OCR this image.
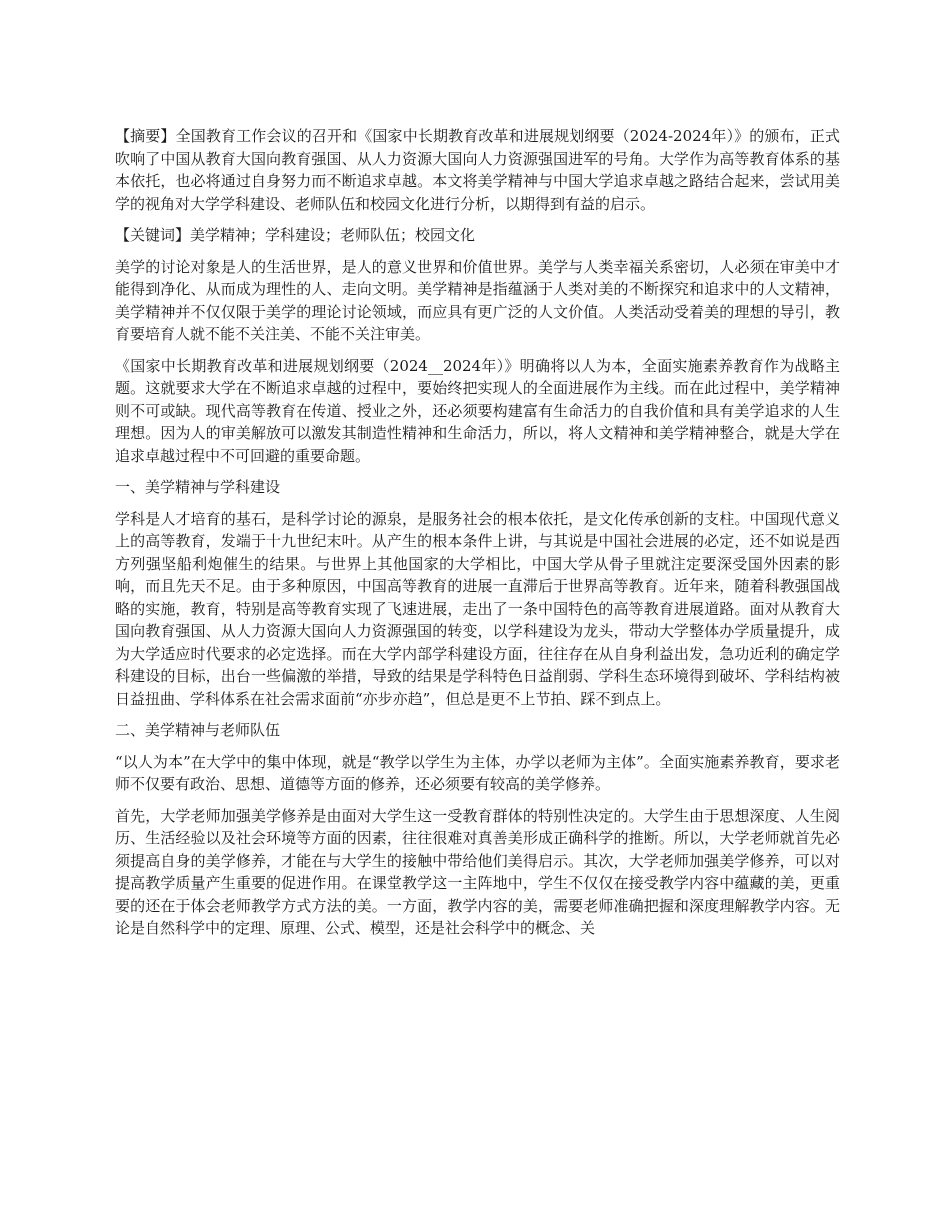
【摘要】全国教育工作会议的召开和《国家中长期教育改革和进展规划纲要（2024-2024年）》的颁布，正式吹响了中国从教育大国向教育强国、从人力资源大国向人力资源强国进军的号角。大学作为高等教育体系的基本依托，也必将通过自身努力而不断追求卓越。本文将美学精神与中国大学追求卓越之路结合起来，尝试用美学的视角对大学学科建设、老师队伍和校园文化进行分析，以期得到有益的启示。

【关键词】美学精神；学科建设；老师队伍；校园文化

美学的讨论对象是人的生活世界，是人的意义世界和价值世界。美学与人类幸福关系密切，人必须在审美中才能得到净化、从而成为理性的人、走向文明。美学精神是指蕴涵于人类对美的不断探究和追求中的人文精神，美学精神并不仅仅限于美学的理论讨论领域，而应具有更广泛的人文价值。人类活动受着美的理想的导引，教育要培育人就不能不关注美、不能不关注审美。

《国家中长期教育改革和进展规划纲要（2024__2024年）》明确将以人为本，全面实施素养教育作为战略主题。这就要求大学在不断追求卓越的过程中，要始终把实现人的全面进展作为主线。而在此过程中，美学精神则不可或缺。现代高等教育在传道、授业之外，还必须要构建富有生命活力的自我价值和具有美学追求的人生理想。因为人的审美解放可以激发其制造性精神和生命活力，所以，将人文精神和美学精神整合，就是大学在追求卓越过程中不可回避的重要命题。

一、美学精神与学科建设

学科是人才培育的基石，是科学讨论的源泉，是服务社会的根本依托，是文化传承创新的支柱。中国现代意义上的高等教育，发端于十九世纪末叶。从产生的根本条件上讲，与其说是中国社会进展的必定，还不如说是西方列强坚船利炮催生的结果。与世界上其他国家的大学相比，中国大学从骨子里就注定要深受国外因素的影响，而且先天不足。由于多种原因，中国高等教育的进展一直滞后于世界高等教育。近年来，随着科教强国战略的实施，教育，特别是高等教育实现了飞速进展，走出了一条中国特色的高等教育进展道路。面对从教育大国向教育强国、从人力资源大国向人力资源强国的转变，以学科建设为龙头，带动大学整体办学质量提升，成为大学适应时代要求的必定选择。而在大学内部学科建设方面，往往存在从自身利益出发，急功近利的确定学科建设的目标，出台一些偏激的举措，导致的结果是学科特色日益削弱、学科生态环境得到破坏、学科结构被日益扭曲、学科体系在社会需求面前“亦步亦趋”，但总是更不上节拍、踩不到点上。

二、美学精神与老师队伍

“以人为本”在大学中的集中体现，就是“教学以学生为主体，办学以老师为主体”。全面实施素养教育，要求老师不仅要有政治、思想、道德等方面的修养，还必须要有较高的美学修养。

首先，大学老师加强美学修养是由面对大学生这一受教育群体的特别性决定的。大学生由于思想深度、人生阅历、生活经验以及社会环境等方面的因素，往往很难对真善美形成正确科学的推断。所以，大学老师就首先必须提高自身的美学修养，才能在与大学生的接触中带给他们美得启示。其次，大学老师加强美学修养，可以对提高教学质量产生重要的促进作用。在课堂教学这一主阵地中，学生不仅仅在接受教学内容中蕴藏的美，更重要的还在于体会老师教学方式方法的美。一方面，教学内容的美，需要老师准确把握和深度理解教学内容。无论是自然科学中的定理、原理、公式、模型，还是社会科学中的概念、关
